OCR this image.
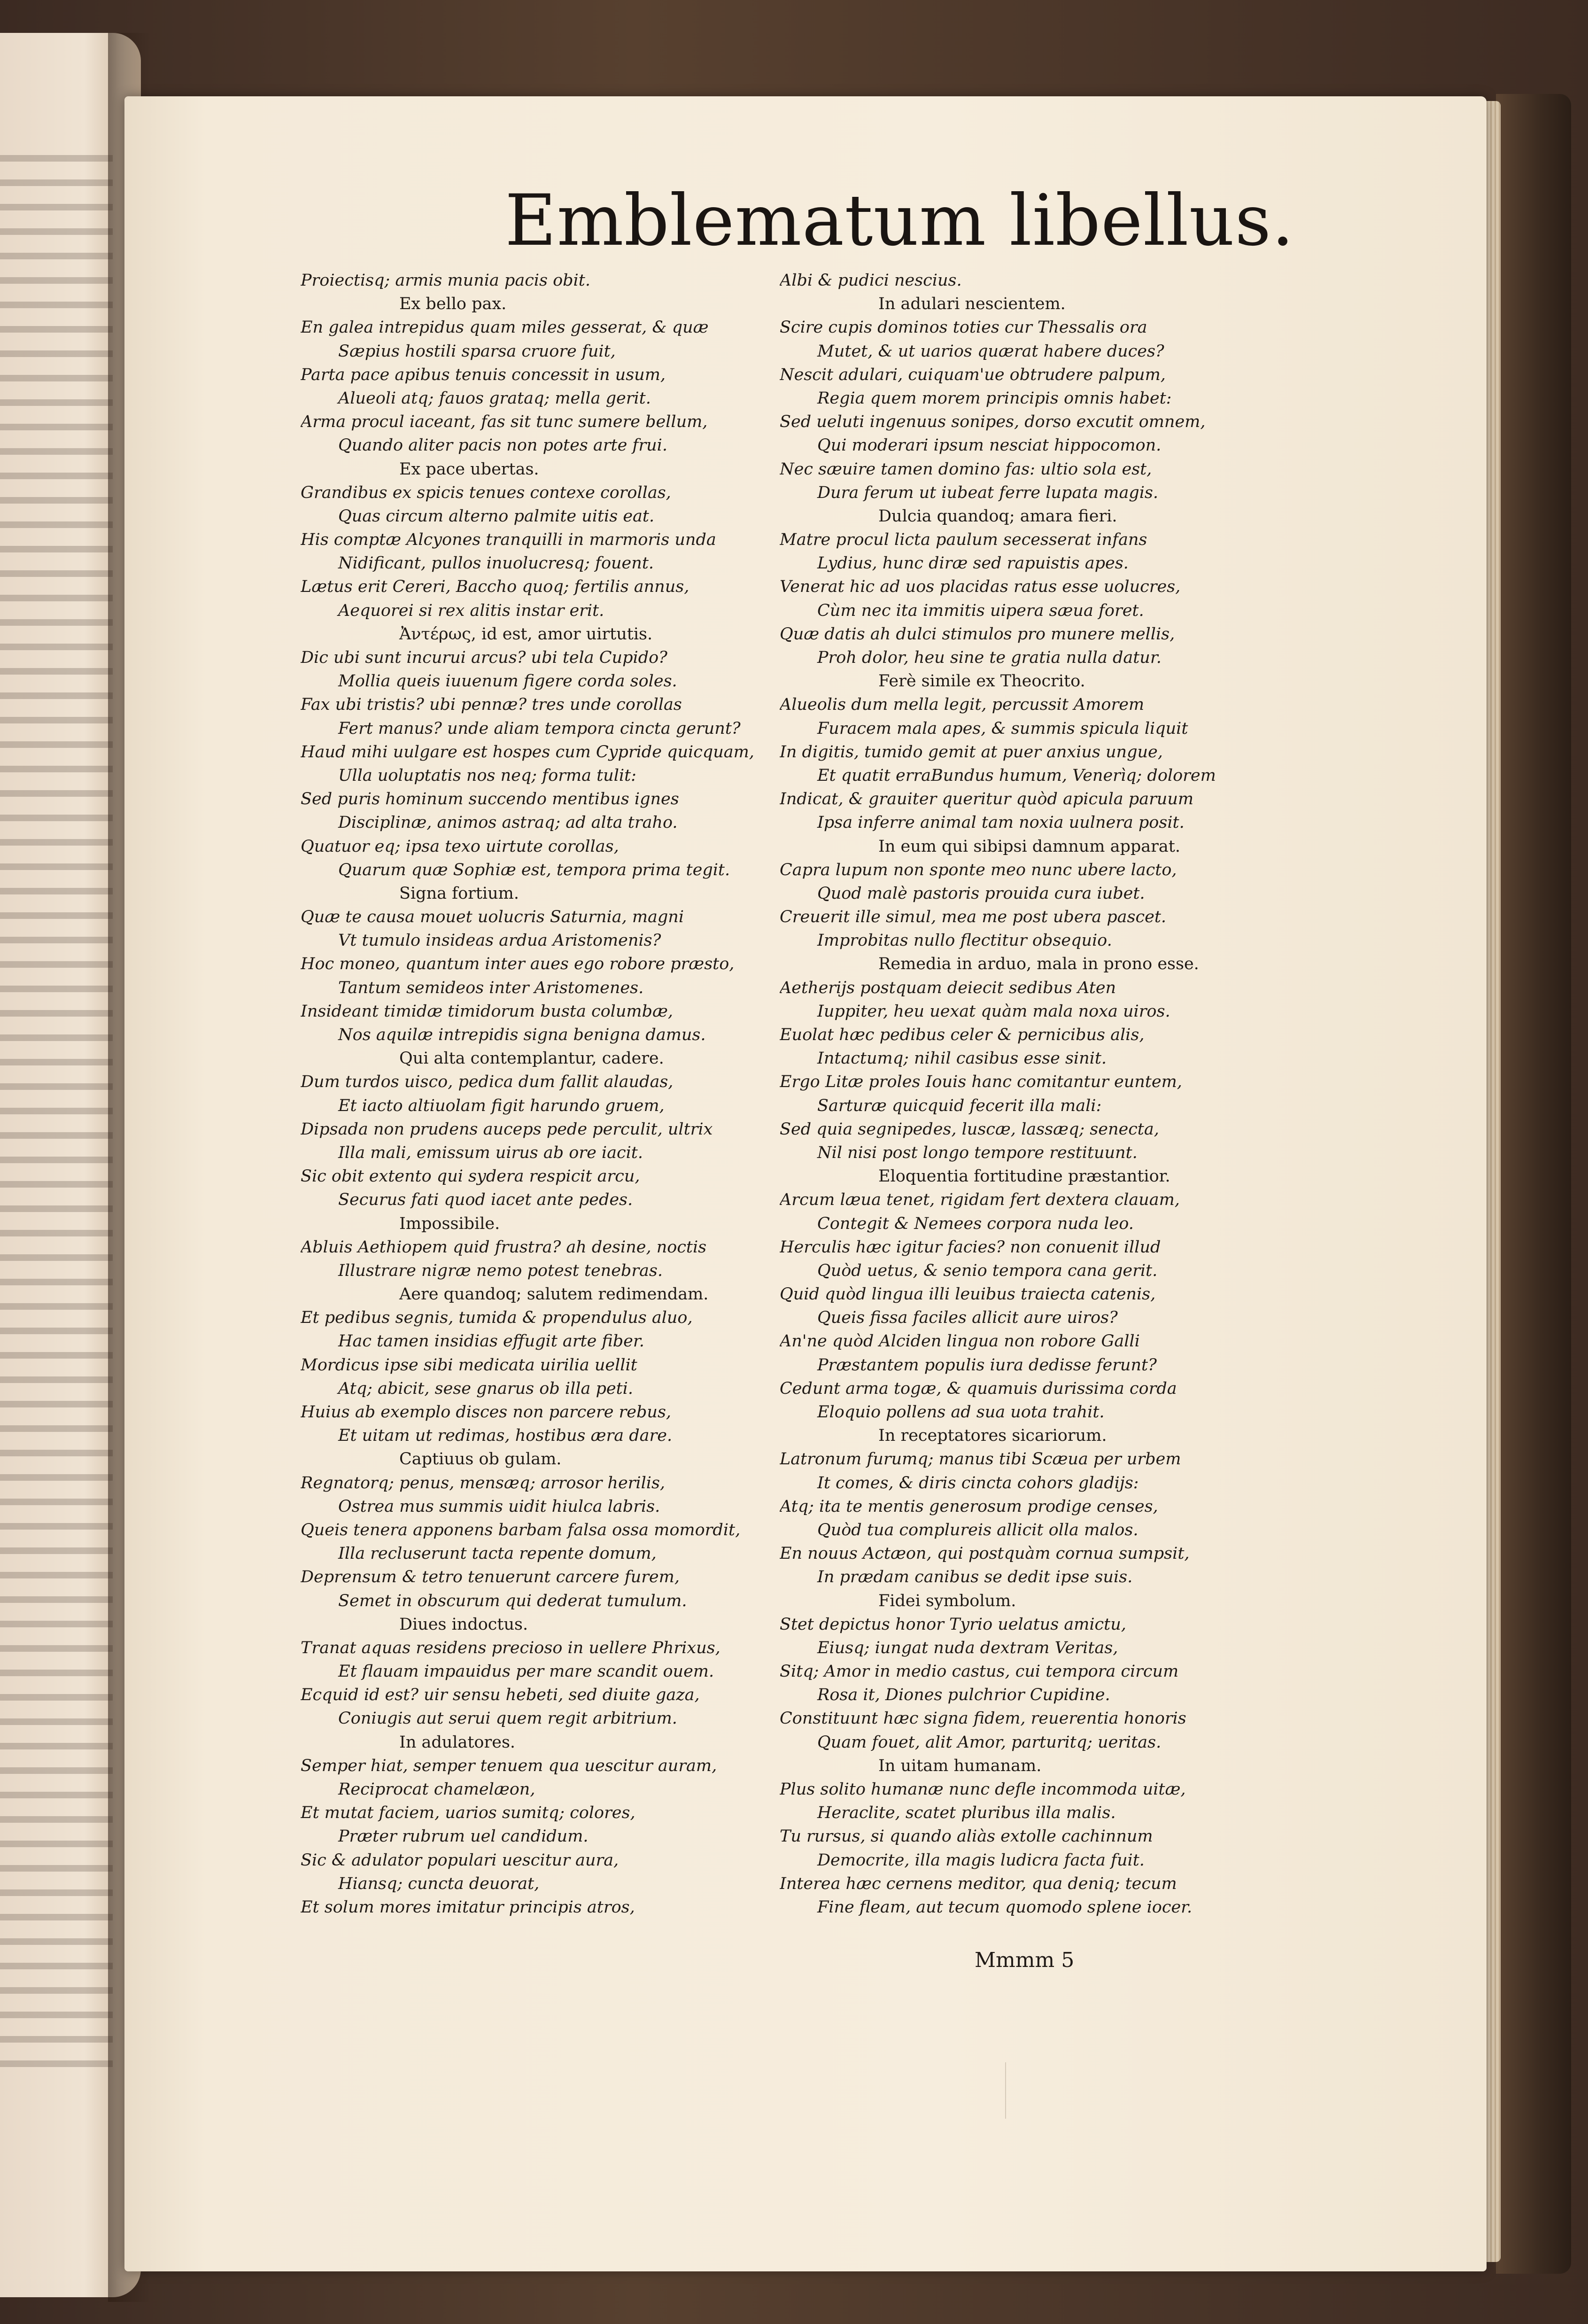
Emblematum libellus.
Proiectisq; armis munia pacis obit.
Ex bello pax.
En galea intrepidus quam miles gesserat, & quæ
Sæpius hostili sparsa cruore fuit,
Parta pace apibus tenuis concessit in usum,
Alueoli atq; fauos grataq; mella gerit.
Arma procul iaceant, fas sit tunc sumere bellum,
Quando aliter pacis non potes arte frui.
Ex pace ubertas.
Grandibus ex spicis tenues contexe corollas,
Quas circum alterno palmite uitis eat.
His comptæ Alcyones tranquilli in marmoris unda
Nidificant, pullos inuolucresq; fouent.
Lætus erit Cereri, Baccho quoq; fertilis annus,
Aequorei si rex alitis instar erit.
Ἀντέρως, id est, amor uirtutis.
Dic ubi sunt incurui arcus? ubi tela Cupido?
Mollia queis iuuenum figere corda soles.
Fax ubi tristis? ubi pennæ? tres unde corollas
Fert manus? unde aliam tempora cincta gerunt?
Haud mihi uulgare est hospes cum Cypride quicquam,
Ulla uoluptatis nos neq; forma tulit:
Sed puris hominum succendo mentibus ignes
Disciplinæ, animos astraq; ad alta traho.
Quatuor eq; ipsa texo uirtute corollas,
Quarum quæ Sophiæ est, tempora prima tegit.
Signa fortium.
Quæ te causa mouet uolucris Saturnia, magni
Vt tumulo insideas ardua Aristomenis?
Hoc moneo, quantum inter aues ego robore præsto,
Tantum semideos inter Aristomenes.
Insideant timidæ timidorum busta columbæ,
Nos aquilæ intrepidis signa benigna damus.
Qui alta contemplantur, cadere.
Dum turdos uisco, pedica dum fallit alaudas,
Et iacto altiuolam figit harundo gruem,
Dipsada non prudens auceps pede perculit, ultrix
Illa mali, emissum uirus ab ore iacit.
Sic obit extento qui sydera respicit arcu,
Securus fati quod iacet ante pedes.
Impossibile.
Abluis Aethiopem quid frustra? ah desine, noctis
Illustrare nigræ nemo potest tenebras.
Aere quandoq; salutem redimendam.
Et pedibus segnis, tumida & propendulus aluo,
Hac tamen insidias effugit arte fiber.
Mordicus ipse sibi medicata uirilia uellit
Atq; abicit, sese gnarus ob illa peti.
Huius ab exemplo disces non parcere rebus,
Et uitam ut redimas, hostibus æra dare.
Captiuus ob gulam.
Regnatorq; penus, mensæq; arrosor herilis,
Ostrea mus summis uidit hiulca labris.
Queis tenera apponens barbam falsa ossa momordit,
Illa recluserunt tacta repente domum,
Deprensum & tetro tenuerunt carcere furem,
Semet in obscurum qui dederat tumulum.
Diues indoctus.
Tranat aquas residens precioso in uellere Phrixus,
Et flauam impauidus per mare scandit ouem.
Ecquid id est? uir sensu hebeti, sed diuite gaza,
Coniugis aut serui quem regit arbitrium.
In adulatores.
Semper hiat, semper tenuem qua uescitur auram,
Reciprocat chamelæon,
Et mutat faciem, uarios sumitq; colores,
Præter rubrum uel candidum.
Sic & adulator populari uescitur aura,
Hiansq; cuncta deuorat,
Et solum mores imitatur principis atros,
Albi & pudici nescius.
In adulari nescientem.
Scire cupis dominos toties cur Thessalis ora
Mutet, & ut uarios quærat habere duces?
Nescit adulari, cuiquam'ue obtrudere palpum,
Regia quem morem principis omnis habet:
Sed ueluti ingenuus sonipes, dorso excutit omnem,
Qui moderari ipsum nesciat hippocomon.
Nec sæuire tamen domino fas: ultio sola est,
Dura ferum ut iubeat ferre lupata magis.
Dulcia quandoq; amara fieri.
Matre procul licta paulum secesserat infans
Lydius, hunc diræ sed rapuistis apes.
Venerat hic ad uos placidas ratus esse uolucres,
Cùm nec ita immitis uipera sæua foret.
Quæ datis ah dulci stimulos pro munere mellis,
Proh dolor, heu sine te gratia nulla datur.
Ferè simile ex Theocrito.
Alueolis dum mella legit, percussit Amorem
Furacem mala apes, & summis spicula liquit
In digitis, tumido gemit at puer anxius ungue,
Et quatit erraBundus humum, Venerìq; dolorem
Indicat, & grauiter queritur quòd apicula paruum
Ipsa inferre animal tam noxia uulnera posit.
In eum qui sibipsi damnum apparat.
Capra lupum non sponte meo nunc ubere lacto,
Quod malè pastoris prouida cura iubet.
Creuerit ille simul, mea me post ubera pascet.
Improbitas nullo flectitur obsequio.
Remedia in arduo, mala in prono esse.
Aetherijs postquam deiecit sedibus Aten
Iuppiter, heu uexat quàm mala noxa uiros.
Euolat hæc pedibus celer & pernicibus alis,
Intactumq; nihil casibus esse sinit.
Ergo Litæ proles Iouis hanc comitantur euntem,
Sarturæ quicquid fecerit illa mali:
Sed quia segnipedes, luscæ, lassæq; senecta,
Nil nisi post longo tempore restituunt.
Eloquentia fortitudine præstantior.
Arcum læua tenet, rigidam fert dextera clauam,
Contegit & Nemees corpora nuda leo.
Herculis hæc igitur facies? non conuenit illud
Quòd uetus, & senio tempora cana gerit.
Quid quòd lingua illi leuibus traiecta catenis,
Queis fissa faciles allicit aure uiros?
An'ne quòd Alciden lingua non robore Galli
Præstantem populis iura dedisse ferunt?
Cedunt arma togæ, & quamuis durissima corda
Eloquio pollens ad sua uota trahit.
In receptatores sicariorum.
Latronum furumq; manus tibi Scæua per urbem
It comes, & diris cincta cohors gladijs:
Atq; ita te mentis generosum prodige censes,
Quòd tua complureis allicit olla malos.
En nouus Actæon, qui postquàm cornua sumpsit,
In prædam canibus se dedit ipse suis.
Fidei symbolum.
Stet depictus honor Tyrio uelatus amictu,
Eiusq; iungat nuda dextram Veritas,
Sitq; Amor in medio castus, cui tempora circum
Rosa it, Diones pulchrior Cupidine.
Constituunt hæc signa fidem, reuerentia honoris
Quam fouet, alit Amor, parturitq; ueritas.
In uitam humanam.
Plus solito humanæ nunc defle incommoda uitæ,
Heraclite, scatet pluribus illa malis.
Tu rursus, si quando aliàs extolle cachinnum
Democrite, illa magis ludicra facta fuit.
Interea hæc cernens meditor, qua deniq; tecum
Fine fleam, aut tecum quomodo splene iocer.
Mmmm 5
